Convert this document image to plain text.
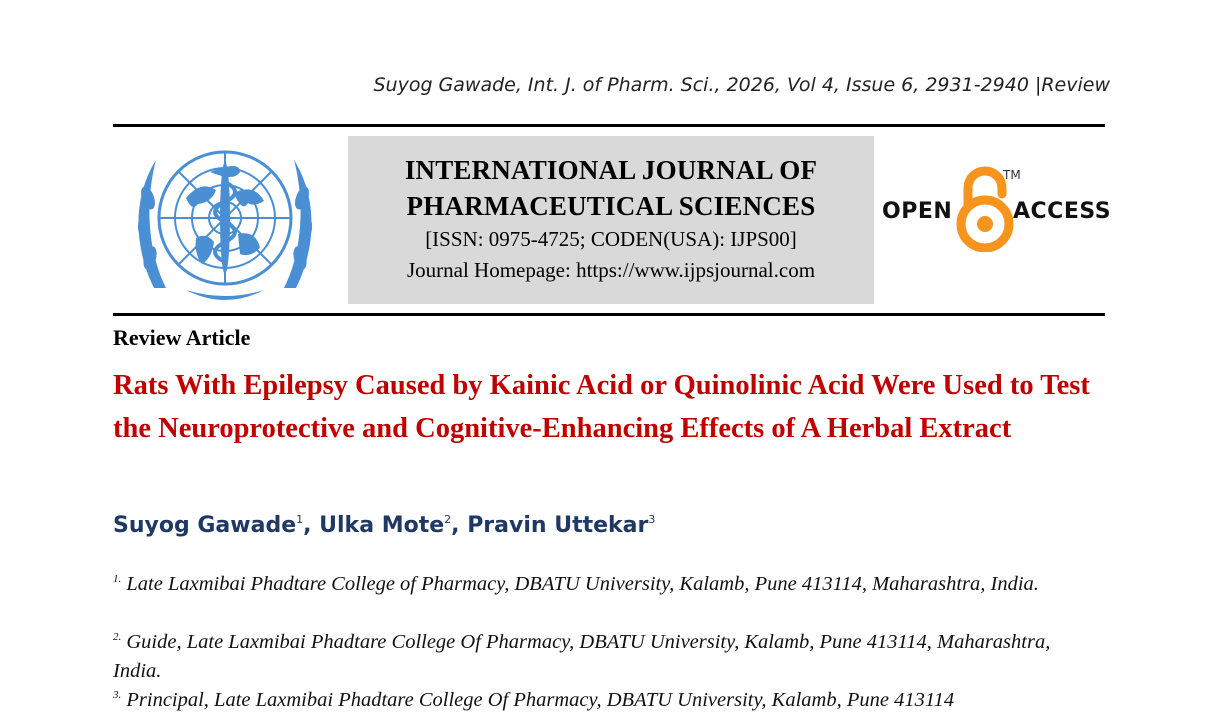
Suyog Gawade, Int. J. of Pharm. Sci., 2026, Vol 4, Issue 6, 2931-2940 |Review
INTERNATIONAL JOURNAL OF
PHARMACEUTICAL SCIENCES
[ISSN: 0975-4725; CODEN(USA): IJPS00]
Journal Homepage: https://www.ijpsjournal.com
OPEN
TM
ACCESS
Review Article
Rats With Epilepsy Caused by Kainic Acid or Quinolinic Acid Were Used to Test the Neuroprotective and Cognitive-Enhancing Effects of A Herbal Extract
Suyog Gawade$^1$, Ulka Mote$^2$, Pravin Uttekar$^3$
$^{1.}$ Late Laxmibai Phadtare College of Pharmacy, DBATU University, Kalamb, Pune 413114, Maharashtra, India.
$^{2.}$ Guide, Late Laxmibai Phadtare College Of Pharmacy, DBATU University, Kalamb, Pune 413114, Maharashtra, India.
$^{3.}$ Principal, Late Laxmibai Phadtare College Of Pharmacy, DBATU University, Kalamb, Pune 413114
